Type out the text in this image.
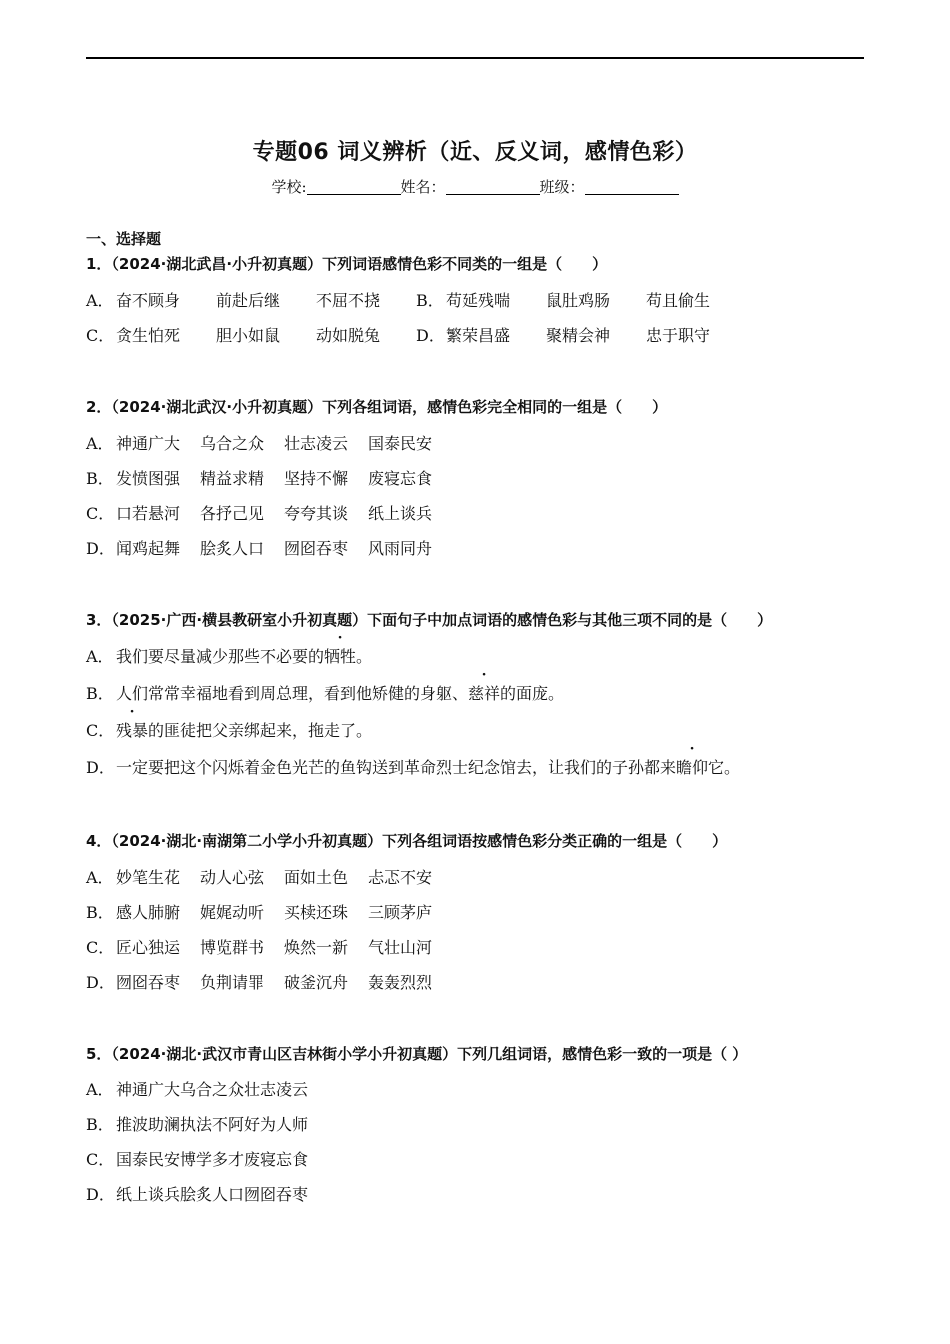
专题06 词义辨析（近、反义词，感情色彩）
学校:	姓名：	班级：
一、选择题
1．（2024·湖北武昌·小升初真题）下列词语感情色彩不同类的一组是（　　）
A． 奋不顾身 前赴后继 不屈不挠 B． 苟延残喘 鼠肚鸡肠 苟且偷生
C． 贪生怕死 胆小如鼠 动如脱兔 D．繁荣昌盛 聚精会神 忠于职守
2．（2024·湖北武汉·小升初真题）下列各组词语，感情色彩完全相同的一组是（　　）
A． 神通广大 乌合之众 壮志凌云 国泰民安
B． 发愤图强 精益求精 坚持不懈 废寝忘食
C． 口若悬河 各抒己见 夸夸其谈 纸上谈兵
D．闻鸡起舞 脍炙人口 囫囵吞枣 风雨同舟
3．（2025·广西·横县教研室小升初真题）下面句子中加点词语的感情色彩与其他三项不同的是（　　）
A． 我们要尽量减少那些不必要的牺牲。
B． 人们常常幸福地看到周总理，看到他矫健的身躯、慈祥的面庞。
C． 残暴的匪徒把父亲绑起来，拖走了。
D．一定要把这个闪烁着金色光芒的鱼钩送到革命烈士纪念馆去，让我们的子孙都来瞻仰它。
4．（2024·湖北·南湖第二小学小升初真题）下列各组词语按感情色彩分类正确的一组是（　　）
A． 妙笔生花 动人心弦 面如土色 忐忑不安
B． 感人肺腑 娓娓动听 买椟还珠 三顾茅庐
C． 匠心独运 博览群书 焕然一新 气壮山河
D．囫囵吞枣 负荆请罪 破釜沉舟 轰轰烈烈
5．（2024·湖北·武汉市青山区吉林街小学小升初真题）下列几组词语，感情色彩一致的一项是（ ）
A． 神通广大乌合之众壮志凌云
B． 推波助澜执法不阿好为人师
C． 国泰民安博学多才废寝忘食
D．纸上谈兵脍炙人口囫囵吞枣
